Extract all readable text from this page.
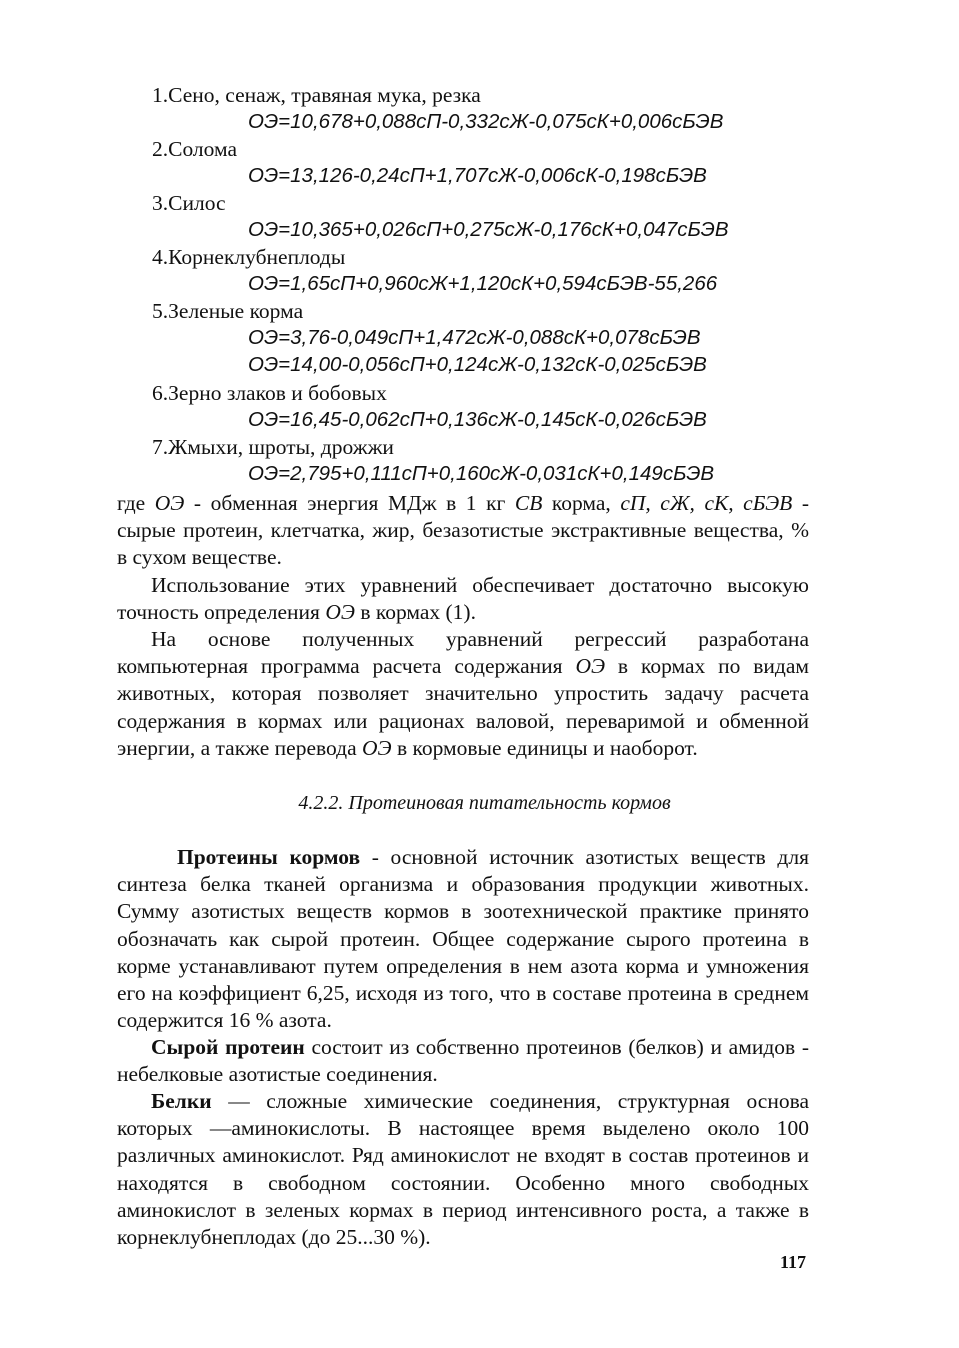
1.Сено, сенаж, травяная мука, резка
ОЭ=10,678+0,088сП-0,332сЖ-0,075сК+0,006сБЭВ
2.Солома
ОЭ=13,126-0,24сП+1,707сЖ-0,006сК-0,198сБЭВ
3.Силос
ОЭ=10,365+0,026сП+0,275сЖ-0,176сК+0,047сБЭВ
4.Корнеклубнеплоды
ОЭ=1,65сП+0,960сЖ+1,120сК+0,594сБЭВ-55,266
5.Зеленые корма
ОЭ=3,76-0,049сП+1,472сЖ-0,088сК+0,078сБЭВ
ОЭ=14,00-0,056сП+0,124сЖ-0,132сК-0,025сБЭВ
6.Зерно злаков и бобовых
ОЭ=16,45-0,062сП+0,136сЖ-0,145сК-0,026сБЭВ
7.Жмыхи, шроты, дрожжи
ОЭ=2,795+0,111сП+0,160сЖ-0,031сК+0,149сБЭВ

где ОЭ - обменная энергия МДж в 1 кг СВ корма, сП, сЖ, сК, сБЭВ - сырые протеин, клетчатка, жир, безазотистые экстрактивные вещества, % в сухом веществе.

Использование этих уравнений обеспечивает достаточно высокую точность определения ОЭ в кормах (1).

На основе полученных уравнений регрессий разработана компьютерная программа расчета содержания ОЭ в кормах по видам животных, которая позволяет значительно упростить задачу расчета содержания в кормах или рационах валовой, переваримой и обменной энергии, а также перевода ОЭ в кормовые единицы и наоборот.

4.2.2. Протеиновая питательность кормов

Протеины кормов - основной источник азотистых веществ для синтеза белка тканей организма и образования продукции животных. Сумму азотистых веществ кормов в зоотехнической практике принято обозначать как сырой протеин. Общее содержание сырого протеина в корме устанавливают путем определения в нем азота корма и умножения его на коэффициент 6,25, исходя из того, что в составе протеина в среднем содержится 16 % азота.

Сырой протеин состоит из собственно протеинов (белков) и амидов - небелковые азотистые соединения.

Белки — сложные химические соединения, структурная основа которых —аминокислоты. В настоящее время выделено около 100 различных аминокислот. Ряд аминокислот не входят в состав протеинов и находятся в свободном состоянии. Особенно много свободных аминокислот в зеленых кормах в период интенсивного роста, а также в корнеклубнеплодах (до 25...30 %).

117
